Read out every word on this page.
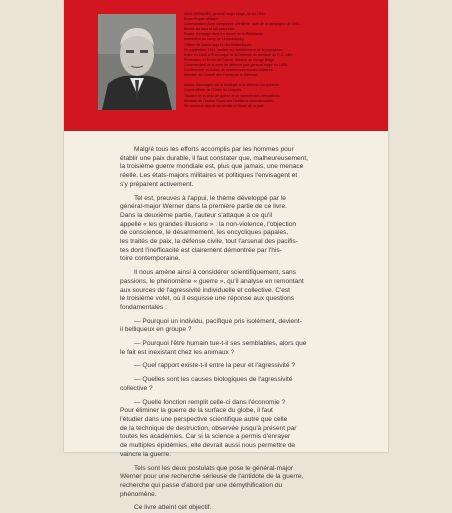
Abbé BERNARD, général major belge, né en 1904.

Ecole Royale Militaire.

Commandant d'une compagnie d'artillerie, sorti de la campagne de 1940.

Blessé au front et fait prisonnier.

Evadé, s'engage dans les forces de la Résistance.

Instructeur au camp de Leopoldsburg.

Officier de liaison auprès des Britanniques.

En septembre 1944, assiste au ravitaillement de la population.

Entre en 1945 à l'État-major de la Défense du territoire au Q.G. Allié.

Professeur à l'Ecole de Guerre. Mission au Congo Belge.

Commandant de la zone de défense puis général-major en 1955.

Conférencier et auteur de nombreuses études militaires.

Membre du Conseil des Forces de la Défense.

Auteur d'ouvrages sur la stratégie et la défense européenne.

Grand officier de l'Ordre de Léopold.

Titulaire de la croix de guerre et de nombreuses décorations.

Membre de l'Institut Royal des Relations Internationales.

Se consacre depuis sa retraite à l'étude de la paix.

Malgré tous les efforts accomplis par les hommes pour

établir une paix durable, il faut constater que, malheureusement,

la troisième guerre mondiale est, plus que jamais, une menace

réelle. Les états-majors militaires et politiques l'envisagent et

s'y préparent activement.

Tel est, preuves à l'appui, le thème développé par le

général-major Werner dans la première partie de ce livre.

Dans la deuxième partie, l'auteur s'attaque à ce qu'il

appelle « les grandes illusions » : la non-violence, l'objection

de conscience, le désarmement, les encycliques papales,

les traités de paix, la défense civile, tout l'arsenal des pacifis-

tes dont l'inefficacité est clairement démontrée par l'his-

toire contemporaine.

Il nous amène ainsi à considérer scientifiquement, sans

passions, le phénomène « guerre », qu'il analyse en remontant

aux sources de l'agressivité individuelle et collective. C'est

le troisième volet, où il esquisse une réponse aux questions

fondamentales :

— Pourquoi un individu, pacifique pris isolément, devient-

il belliqueux en groupe ?

— Pourquoi l'être humain tue-t-il ses semblables, alors que

le fait est inexistant chez les animaux ?

— Quel rapport existe-t-il entre la peur et l'agressivité ?

— Quelles sont les causes biologiques de l'agressivité

collective ?

— Quelle fonction remplit celle-ci dans l'économie ?

Pour éliminer la guerre de la surface du globe, il faut

l'étudier dans une perspective scientifique autre que celle

de la technique de destruction, observée jusqu'à présent par

toutes les académies. Car si la science a permis d'enrayer

de multiples épidémies, elle devrait aussi nous permettre de

vaincre la guerre.

Tels sont les deux postulats que pose le général-major

Werner pour une recherche sérieuse de l'antidote de la guerre,

recherche qui passe d'abord par une démythification du

phénomène.

Ce livre atteint cet objectif.
